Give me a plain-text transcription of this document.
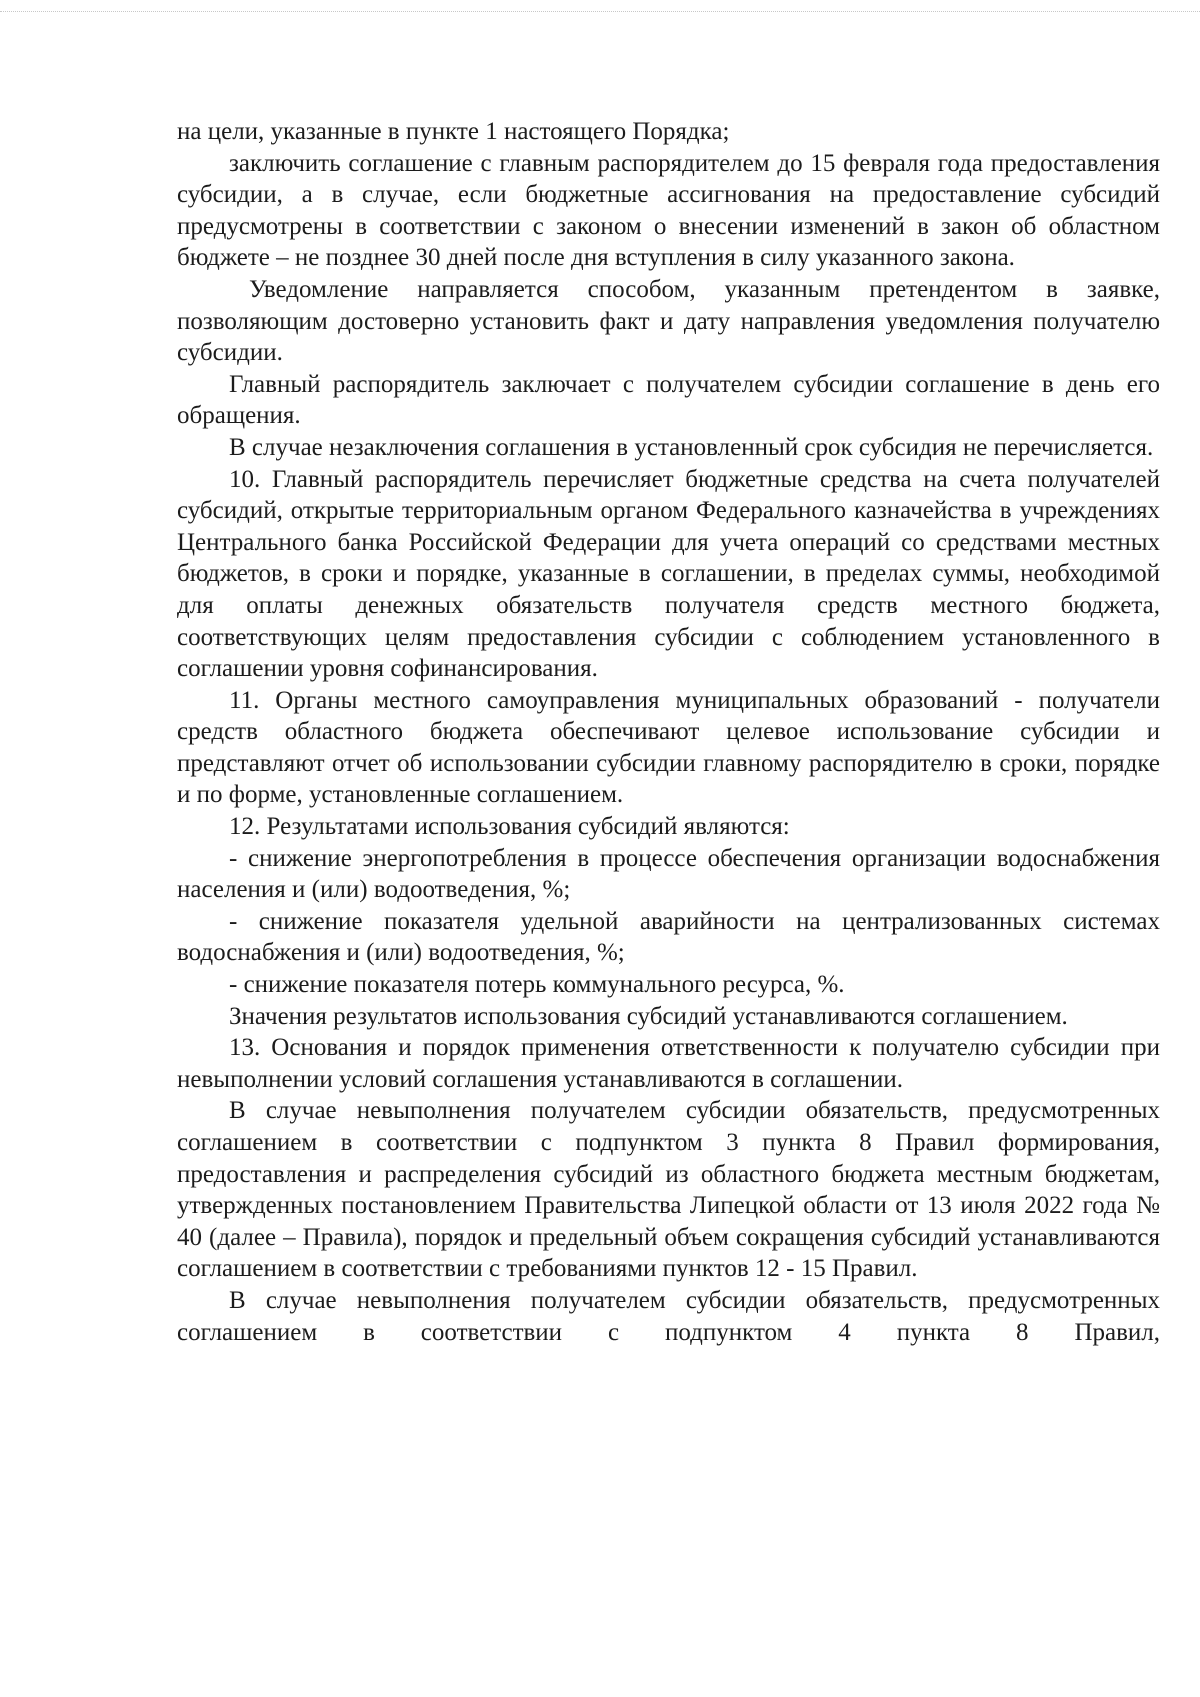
на цели, указанные в пункте 1 настоящего Порядка;

заключить соглашение с главным распорядителем до 15 февраля года предоставления субсидии, а в случае, если бюджетные ассигнования на предоставление субсидий предусмотрены в соответствии с законом о внесении изменений в закон об областном бюджете – не позднее 30 дней после дня вступления в силу указанного закона.

Уведомление направляется способом, указанным претендентом в заявке, позволяющим достоверно установить факт и дату направления уведомления получателю субсидии.

Главный распорядитель заключает с получателем субсидии соглашение в день его обращения.

В случае незаключения соглашения в установленный срок субсидия не перечисляется.

10. Главный распорядитель перечисляет бюджетные средства на счета получателей субсидий, открытые территориальным органом Федерального казначейства в учреждениях Центрального банка Российской Федерации для учета операций со средствами местных бюджетов, в сроки и порядке, указанные в соглашении, в пределах суммы, необходимой для оплаты денежных обязательств получателя средств местного бюджета, соответствующих целям предоставления субсидии с соблюдением установленного в соглашении уровня софинансирования.

11. Органы местного самоуправления муниципальных образований - получатели средств областного бюджета обеспечивают целевое использование субсидии и представляют отчет об использовании субсидии главному распорядителю в сроки, порядке и по форме, установленные соглашением.

12. Результатами использования субсидий являются:

- снижение энергопотребления в процессе обеспечения организации водоснабжения населения и (или) водоотведения, %;

- снижение показателя удельной аварийности на централизованных системах водоснабжения и (или) водоотведения, %;

- снижение показателя потерь коммунального ресурса, %.

Значения результатов использования субсидий устанавливаются соглашением.

13. Основания и порядок применения ответственности к получателю субсидии при невыполнении условий соглашения устанавливаются в соглашении.

В случае невыполнения получателем субсидии обязательств, предусмотренных соглашением в соответствии с подпунктом 3 пункта 8 Правил формирования, предоставления и распределения субсидий из областного бюджета местным бюджетам, утвержденных постановлением Правительства Липецкой области от 13 июля 2022 года № 40 (далее – Правила), порядок и предельный объем сокращения субсидий устанавливаются соглашением в соответствии с требованиями пунктов 12 - 15 Правил.

В случае невыполнения получателем субсидии обязательств, предусмотренных соглашением в соответствии с подпунктом 4 пункта 8 Правил,
